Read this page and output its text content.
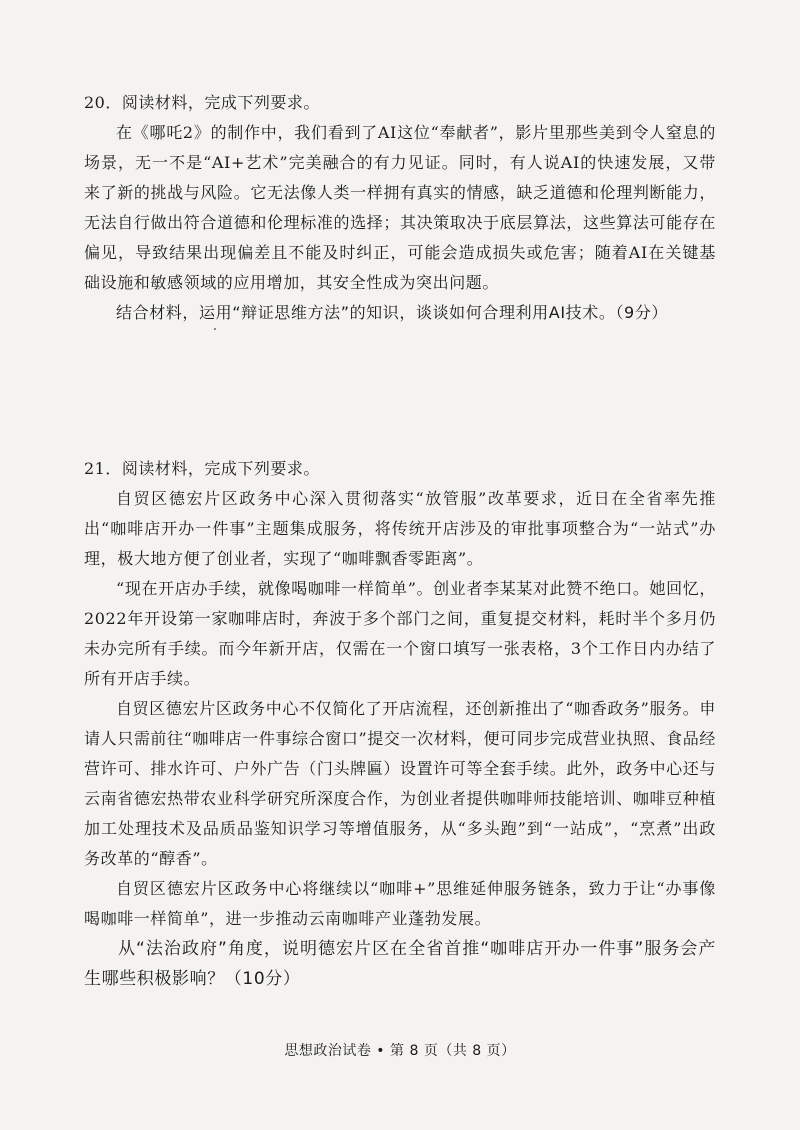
20．阅读材料，完成下列要求。

在《哪吒2》的制作中，我们看到了AI这位“奉献者”，影片里那些美到令人窒息的场景，无一不是“AI+艺术”完美融合的有力见证。同时，有人说AI的快速发展，又带来了新的挑战与风险。它无法像人类一样拥有真实的情感，缺乏道德和伦理判断能力，无法自行做出符合道德和伦理标准的选择；其决策取决于底层算法，这些算法可能存在偏见，导致结果出现偏差且不能及时纠正，可能会造成损失或危害；随着AI在关键基础设施和敏感领域的应用增加，其安全性成为突出问题。

结合材料，运用“辩证思维方法”的知识，谈谈如何合理利用AI技术。（9分）

21．阅读材料，完成下列要求。

自贸区德宏片区政务中心深入贯彻落实“放管服”改革要求，近日在全省率先推出“咖啡店开办一件事”主题集成服务，将传统开店涉及的审批事项整合为“一站式”办理，极大地方便了创业者，实现了“咖啡飘香零距离”。

“现在开店办手续，就像喝咖啡一样简单”。创业者李某某对此赞不绝口。她回忆，2022年开设第一家咖啡店时，奔波于多个部门之间，重复提交材料，耗时半个多月仍未办完所有手续。而今年新开店，仅需在一个窗口填写一张表格，3个工作日内办结了所有开店手续。

自贸区德宏片区政务中心不仅简化了开店流程，还创新推出了“咖香政务”服务。申请人只需前往“咖啡店一件事综合窗口”提交一次材料，便可同步完成营业执照、食品经营许可、排水许可、户外广告（门头牌匾）设置许可等全套手续。此外，政务中心还与云南省德宏热带农业科学研究所深度合作，为创业者提供咖啡师技能培训、咖啡豆种植加工处理技术及品质品鉴知识学习等增值服务，从“多头跑”到“一站成”，“烹煮”出政务改革的“醇香”。

自贸区德宏片区政务中心将继续以“咖啡+”思维延伸服务链条，致力于让“办事像喝咖啡一样简单”，进一步推动云南咖啡产业蓬勃发展。

从“法治政府”角度，说明德宏片区在全省首推“咖啡店开办一件事”服务会产生哪些积极影响？（10分）

思想政治试卷 • 第 8 页（共 8 页）
